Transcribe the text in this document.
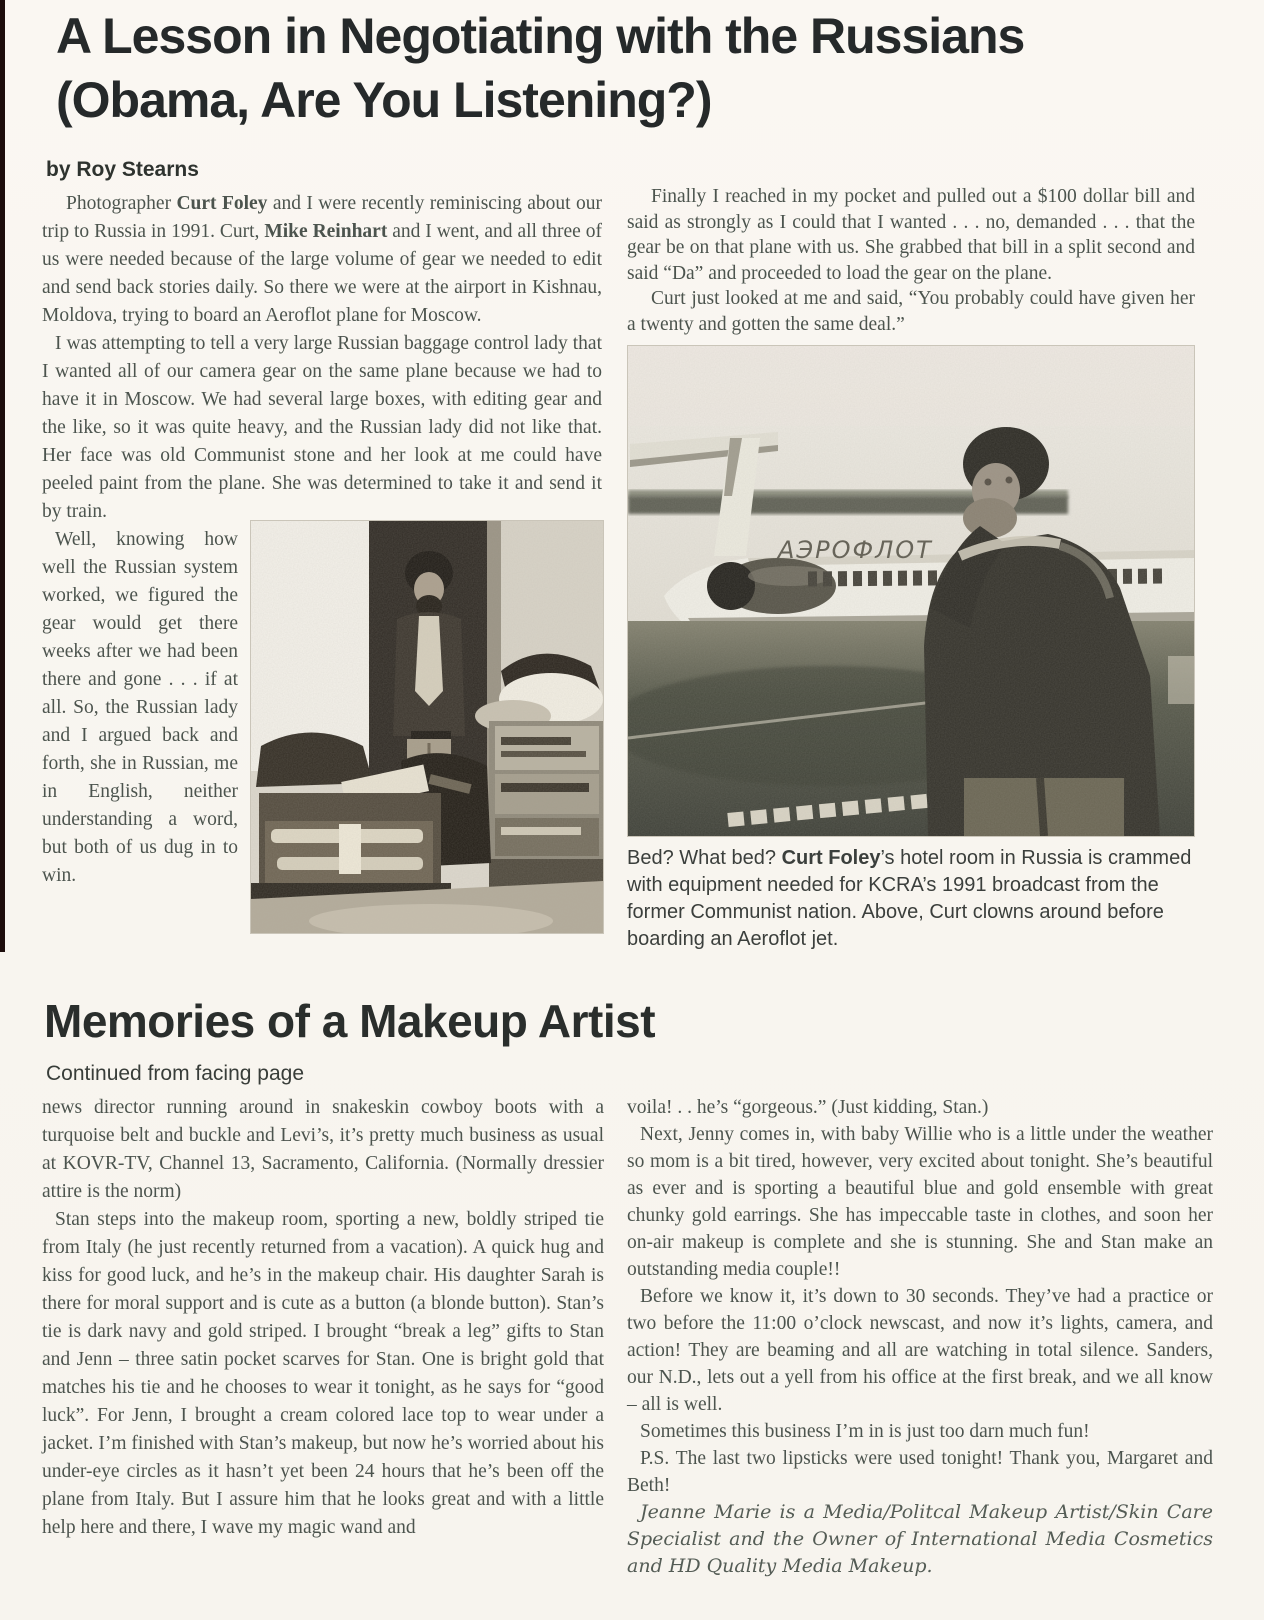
A Lesson in Negotiating with the Russians
(Obama, Are You Listening?)
by Roy Stearns

Photographer Curt Foley and I were recently reminiscing about our trip to Russia in 1991. Curt, Mike Reinhart and I went, and all three of us were needed because of the large volume of gear we needed to edit and send back stories daily. So there we were at the airport in Kishnau, Moldova, trying to board an Aeroflot plane for Moscow.

I was attempting to tell a very large Russian baggage control lady that I wanted all of our camera gear on the same plane because we had to have it in Moscow. We had several large boxes, with editing gear and the like, so it was quite heavy, and the Russian lady did not like that. Her face was old Communist stone and her look at me could have peeled paint from the plane.
She was determined to take it and send it by train.

Well, knowing how well the Russian system worked, we figured the gear would get there weeks after we had been there and gone . . . if at all. So, the Russian lady and I argued back and forth, she in Russian, me in English, neither understanding a word, but both of us dug in to win.

Finally I reached in my pocket and pulled out a $100 dollar bill and said as strongly as I could that I wanted . . . no, demanded . . . that the gear be on that plane with us. She grabbed that bill in a split second and said “Da” and proceeded to load the gear on the plane.

Curt just looked at me and said, “You probably could have given her a twenty and gotten the same deal.”

Bed? What bed? Curt Foley’s hotel room in Russia is crammed with equipment needed for KCRA’s 1991 broadcast from the former Communist nation. Above, Curt clowns around before boarding an Aeroflot jet.
Memories of a Makeup Artist
Continued from facing page

news director running around in snakeskin cowboy boots with a turquoise belt and buckle and Levi’s, it’s pretty much business as usual at KOVR-TV, Channel 13, Sacramento, California. (Normally dressier attire is the norm)

Stan steps into the makeup room, sporting a new, boldly striped tie from Italy (he just recently returned from a vacation). A quick hug and kiss for good luck, and he’s in the makeup chair. His daughter Sarah is there for moral support and is cute as a button (a blonde button). Stan’s tie is dark navy and gold striped. I brought “break a leg” gifts to Stan and Jenn – three satin pocket scarves for Stan. One is bright gold that matches his tie and he chooses to wear it tonight, as he says for “good luck”. For Jenn, I brought a cream colored lace top to wear under a jacket. I’m finished with Stan’s makeup, but now he’s worried about his under-eye circles as it hasn’t yet been 24 hours that he’s been off the plane from Italy. But I assure him that he looks great and with a little help here and there, I wave my magic wand and

voila! . . he’s “gorgeous.” (Just kidding, Stan.)

Next, Jenny comes in, with baby Willie who is a little under the weather so mom is a bit tired, however, very excited about tonight. She’s beautiful as ever and is sporting a beautiful blue and gold ensemble with great chunky gold earrings. She has impeccable taste in clothes, and soon her on-air makeup is complete and she is stunning. She and Stan make an outstanding media couple!!

Before we know it, it’s down to 30 seconds. They’ve had a practice or two before the 11:00 o’clock newscast, and now it’s lights, camera, and action! They are beaming and all are watching in total silence. Sanders, our N.D., lets out a yell from his office at the first break, and we all know – all is well.

Sometimes this business I’m in is just too darn much fun!

P.S. The last two lipsticks were used tonight! Thank you, Margaret and Beth!

Jeanne Marie is a Media/Politcal Makeup Artist/Skin Care Specialist and the Owner of International Media Cosmetics and HD Quality Media Makeup.
